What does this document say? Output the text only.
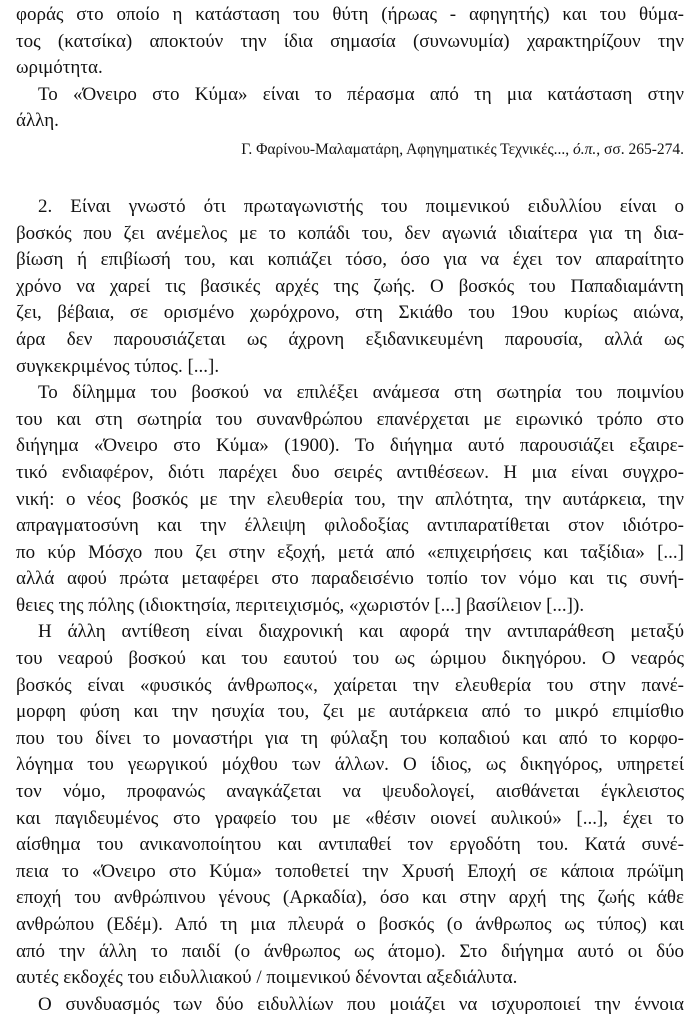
φοράς στο οποίο η κατάσταση του θύτη (ήρωας - αφηγητής) και του θύμα-
τος (κατσίκα) αποκτούν την ίδια σημασία (συνωνυμία) χαρακτηρίζουν την
ωριμότητα.
Το «Όνειρο στο Κύμα» είναι το πέρασμα από τη μια κατάσταση στην
άλλη.
Γ. Φαρίνου-Μαλαματάρη, Αφηγηματικές Τεχνικές..., ό.π., σσ. 265-274.
2. Είναι γνωστό ότι πρωταγωνιστής του ποιμενικού ειδυλλίου είναι ο
βοσκός που ζει ανέμελος με το κοπάδι του, δεν αγωνιά ιδιαίτερα για τη δια-
βίωση ή επιβίωσή του, και κοπιάζει τόσο, όσο για να έχει τον απαραίτητο
χρόνο να χαρεί τις βασικές αρχές της ζωής. Ο βοσκός του Παπαδιαμάντη
ζει, βέβαια, σε ορισμένο χωρόχρονο, στη Σκιάθο του 19ου κυρίως αιώνα,
άρα δεν παρουσιάζεται ως άχρονη εξιδανικευμένη παρουσία, αλλά ως
συγκεκριμένος τύπος. [...].
Το δίλημμα του βοσκού να επιλέξει ανάμεσα στη σωτηρία του ποιμνίου
του και στη σωτηρία του συνανθρώπου επανέρχεται με ειρωνικό τρόπο στο
διήγημα «Όνειρο στο Κύμα» (1900). Το διήγημα αυτό παρουσιάζει εξαιρε-
τικό ενδιαφέρον, διότι παρέχει δυο σειρές αντιθέσεων. Η μια είναι συγχρο-
νική: ο νέος βοσκός με την ελευθερία του, την απλότητα, την αυτάρκεια, την
απραγματοσύνη και την έλλειψη φιλοδοξίας αντιπαρατίθεται στον ιδιότρο-
πο κύρ Μόσχο που ζει στην εξοχή, μετά από «επιχειρήσεις και ταξίδια» [...]
αλλά αφού πρώτα μεταφέρει στο παραδεισένιο τοπίο τον νόμο και τις συνή-
θειες της πόλης (ιδιοκτησία, περιτειχισμός, «χωριστόν [...] βασίλειον [...]).
Η άλλη αντίθεση είναι διαχρονική και αφορά την αντιπαράθεση μεταξύ
του νεαρού βοσκού και του εαυτού του ως ώριμου δικηγόρου. Ο νεαρός
βοσκός είναι «φυσικός άνθρωπος«, χαίρεται την ελευθερία του στην πανέ-
μορφη φύση και την ησυχία του, ζει με αυτάρκεια από το μικρό επιμίσθιο
που του δίνει το μοναστήρι για τη φύλαξη του κοπαδιού και από το κορφο-
λόγημα του γεωργικού μόχθου των άλλων. Ο ίδιος, ως δικηγόρος, υπηρετεί
τον νόμο, προφανώς αναγκάζεται να ψευδολογεί, αισθάνεται έγκλειστος
και παγιδευμένος στο γραφείο του με «θέσιν οιονεί αυλικού» [...], έχει το
αίσθημα του ανικανοποίητου και αντιπαθεί τον εργοδότη του. Κατά συνέ-
πεια το «Όνειρο στο Κύμα» τοποθετεί την Χρυσή Εποχή σε κάποια πρώϊμη
εποχή του ανθρώπινου γένους (Αρκαδία), όσο και στην αρχή της ζωής κάθε
ανθρώπου (Εδέμ). Από τη μια πλευρά ο βοσκός (ο άνθρωπος ως τύπος) και
από την άλλη το παιδί (ο άνθρωπος ως άτομο). Στο διήγημα αυτό οι δύο
αυτές εκδοχές του ειδυλλιακού / ποιμενικού δένονται αξεδιάλυτα.
Ο συνδυασμός των δύο ειδυλλίων που μοιάζει να ισχυροποιεί την έννοια
